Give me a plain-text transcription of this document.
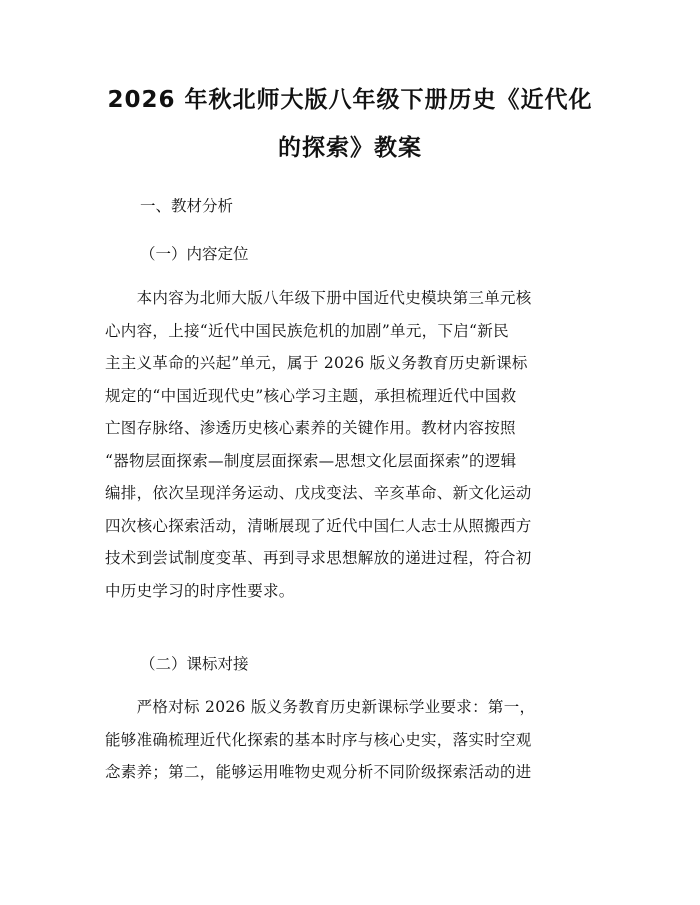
2026 年秋北师大版八年级下册历史《近代化
的探索》教案
一、教材分析
（一）内容定位
　　本内容为北师大版八年级下册中国近代史模块第三单元核
心内容，上接“近代中国民族危机的加剧”单元，下启“新民
主主义革命的兴起”单元，属于 2026 版义务教育历史新课标
规定的“中国近现代史”核心学习主题，承担梳理近代中国救
亡图存脉络、渗透历史核心素养的关键作用。教材内容按照
“器物层面探索—制度层面探索—思想文化层面探索”的逻辑
编排，依次呈现洋务运动、戊戌变法、辛亥革命、新文化运动
四次核心探索活动，清晰展现了近代中国仁人志士从照搬西方
技术到尝试制度变革、再到寻求思想解放的递进过程，符合初
中历史学习的时序性要求。
（二）课标对接
　　严格对标 2026 版义务教育历史新课标学业要求：第一，
能够准确梳理近代化探索的基本时序与核心史实，落实时空观
念素养；第二，能够运用唯物史观分析不同阶级探索活动的进
